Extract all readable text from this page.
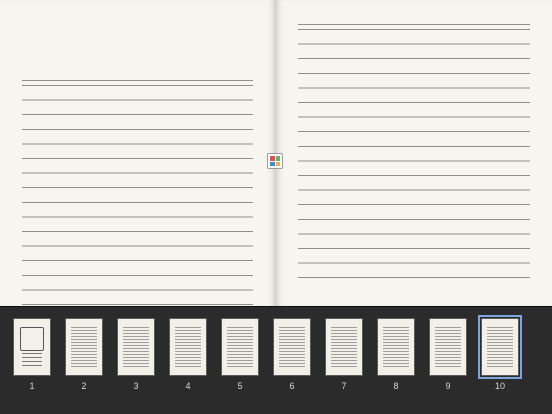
1	2	3	4	5	6	7	8	9	10
